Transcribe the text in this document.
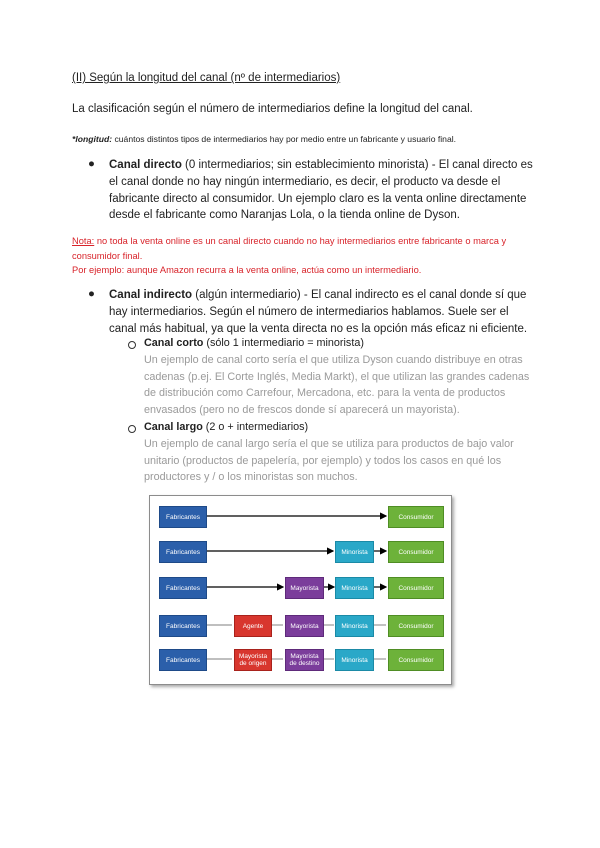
(II) Según la longitud del canal (nº de intermediarios)
La clasificación según el número de intermediarios define la longitud del canal.
*longitud: cuántos distintos tipos de intermediarios hay por medio entre un fabricante y usuario final.
● Canal directo (0 intermediarios; sin establecimiento minorista) - El canal directo es el canal donde no hay ningún intermediario, es decir, el producto va desde el fabricante directo al consumidor. Un ejemplo claro es la venta online directamente desde el fabricante como Naranjas Lola, o la tienda online de Dyson.
Nota: no toda la venta online es un canal directo cuando no hay intermediarios entre fabricante o marca y consumidor final.
Por ejemplo: aunque Amazon recurra a la venta online, actúa como un intermediario.
● Canal indirecto (algún intermediario) - El canal indirecto es el canal donde sí que hay intermediarios. Según el número de intermediarios hablamos. Suele ser el canal más habitual, ya que la venta directa no es la opción más eficaz ni eficiente.
Canal corto (sólo 1 intermediario = minorista)
Un ejemplo de canal corto sería el que utiliza Dyson cuando distribuye en otras cadenas (p.ej. El Corte Inglés, Media Markt), el que utilizan las grandes cadenas de distribución como Carrefour, Mercadona, etc. para la venta de productos envasados (pero no de frescos donde sí aparecerá un mayorista).
Canal largo (2 o + intermediarios)
Un ejemplo de canal largo sería el que se utiliza para productos de bajo valor unitario (productos de papelería, por ejemplo) y todos los casos en qué los productores y / o los minoristas son muchos.
Fabricantes	Consumidor
Fabricantes	Minorista	Consumidor
Fabricantes	Mayorista	Minorista	Consumidor
Fabricantes	Agente	Mayorista	Minorista	Consumidor
Fabricantes	Mayorista de origen
Mayorista de destino	Minorista	Consumidor
